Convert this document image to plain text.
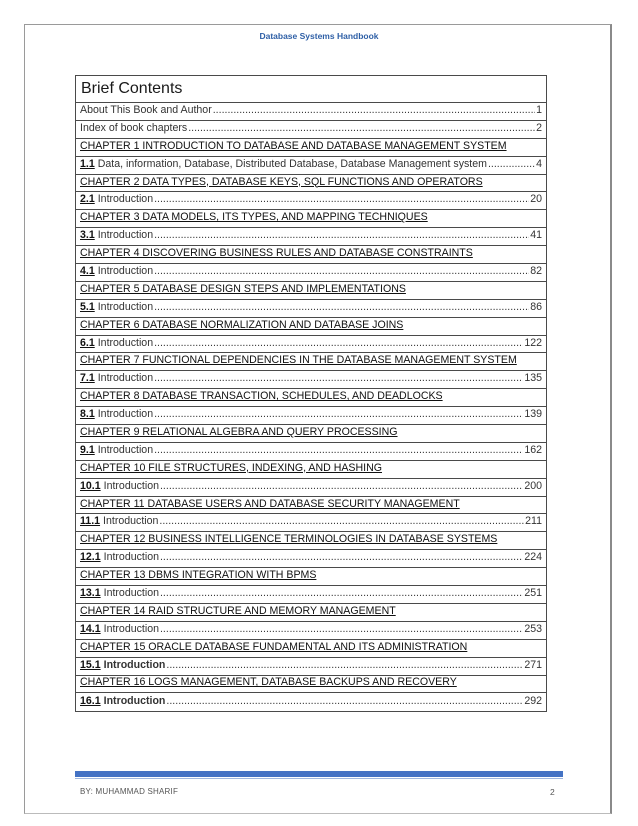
Database Systems Handbook
Brief Contents
About This Book and Author .....	1
Index of book chapters .....	2
CHAPTER 1 INTRODUCTION TO DATABASE AND DATABASE MANAGEMENT SYSTEM
1.1 Data, information, Database, Distributed Database, Database Management system .....	4
CHAPTER 2 DATA TYPES, DATABASE KEYS, SQL FUNCTIONS AND OPERATORS
2.1 Introduction .....	20
CHAPTER 3 DATA MODELS, ITS TYPES, AND MAPPING TECHNIQUES
3.1 Introduction .....	41
CHAPTER 4 DISCOVERING BUSINESS RULES AND DATABASE CONSTRAINTS
4.1 Introduction .....	82
CHAPTER 5 DATABASE DESIGN STEPS AND IMPLEMENTATIONS
5.1 Introduction .....	86
CHAPTER 6 DATABASE NORMALIZATION AND DATABASE JOINS
6.1 Introduction .....	122
CHAPTER 7 FUNCTIONAL DEPENDENCIES IN THE DATABASE MANAGEMENT SYSTEM
7.1 Introduction .....	135
CHAPTER 8 DATABASE TRANSACTION, SCHEDULES, AND DEADLOCKS
8.1 Introduction .....	139
CHAPTER 9 RELATIONAL ALGEBRA AND QUERY PROCESSING
9.1 Introduction .....	162
CHAPTER 10 FILE STRUCTURES, INDEXING, AND HASHING
10.1 Introduction .....	200
CHAPTER 11 DATABASE USERS AND DATABASE SECURITY MANAGEMENT
11.1 Introduction .....	211
CHAPTER 12 BUSINESS INTELLIGENCE TERMINOLOGIES IN DATABASE SYSTEMS
12.1 Introduction .....	224
CHAPTER 13 DBMS INTEGRATION WITH BPMS
13.1 Introduction .....	251
CHAPTER 14 RAID STRUCTURE AND MEMORY MANAGEMENT
14.1 Introduction .....	253
CHAPTER 15 ORACLE DATABASE FUNDAMENTAL AND ITS ADMINISTRATION
15.1 Introduction .....	271
CHAPTER 16 LOGS MANAGEMENT, DATABASE BACKUPS AND RECOVERY
16.1 Introduction .....	292
BY: MUHAMMAD SHARIF	2
